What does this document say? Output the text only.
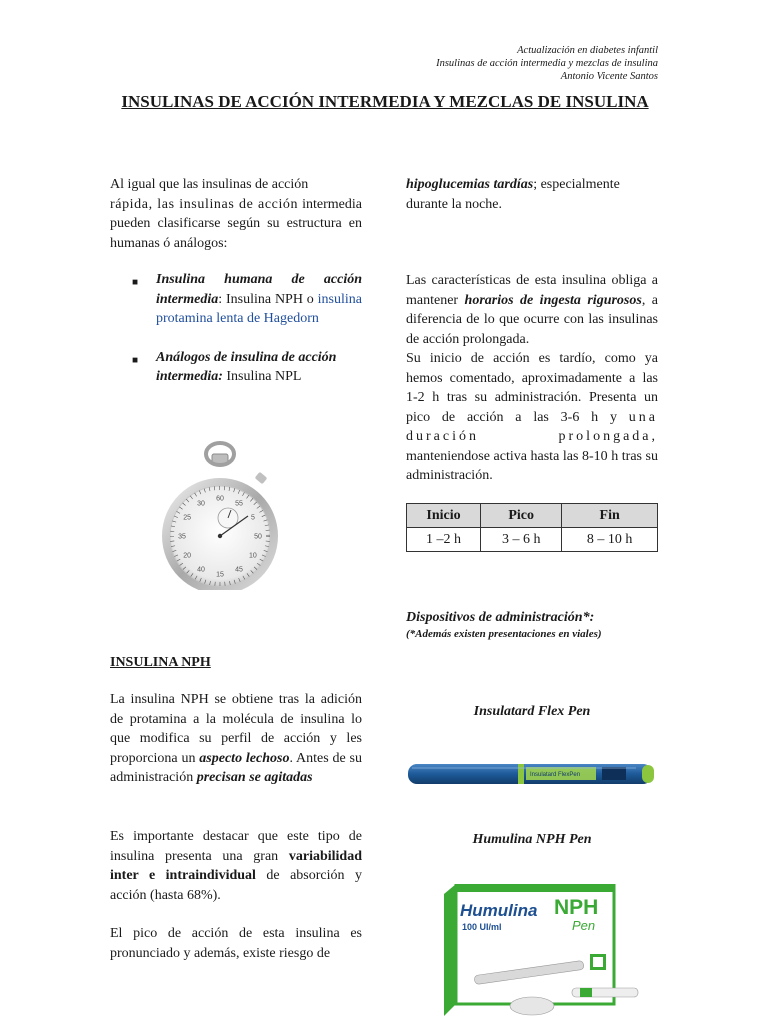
Actualización en diabetes infantil
Insulinas de acción intermedia y mezclas de insulina
Antonio Vicente Santos
INSULINAS DE ACCIÓN INTERMEDIA Y MEZCLAS DE INSULINA
Al igual que las insulinas de acción
rápida, las insulinas de acción intermedia pueden clasificarse según su estructura en humanas ó análogos:
■	Insulina humana de acción intermedia: Insulina NPH o insulina protamina lenta de Hagedorn
■	Análogos de insulina de acción intermedia: Insulina NPL
60
55
5
50
10
45
15
40
20
35
25
30
INSULINA NPH
La insulina NPH se obtiene tras la adición de protamina a la molécula de insulina lo que modifica su perfil de acción y les proporciona un aspecto lechoso. Antes de su administración precisan se agitadas
Es importante destacar que este tipo de insulina presenta una gran variabilidad inter e intraindividual de absorción y acción (hasta 68%).
El pico de acción de esta insulina es pronunciado y además, existe riesgo de
hipoglucemias tardías; especialmente durante la noche.
Las características de esta insulina obliga a mantener horarios de ingesta rigurosos, a diferencia de lo que ocurre con las insulinas de acción prolongada.
Su inicio de acción es tardío, como ya hemos comentado, aproximadamente a las 1-2 h tras su administración. Presenta un pico de acción a las 3-6 h y una duración prolongada, manteniendose activa hasta las 8-10 h tras su administración.
Inicio	Pico	Fin
1 –2 h	3 – 6 h	8 – 10 h
Dispositivos de administración*:
(*Además existen presentaciones en viales)
Insulatard Flex Pen
Insulatard FlexPen
Humulina NPH Pen
Humulina NPH
Pen
100 UI/ml
